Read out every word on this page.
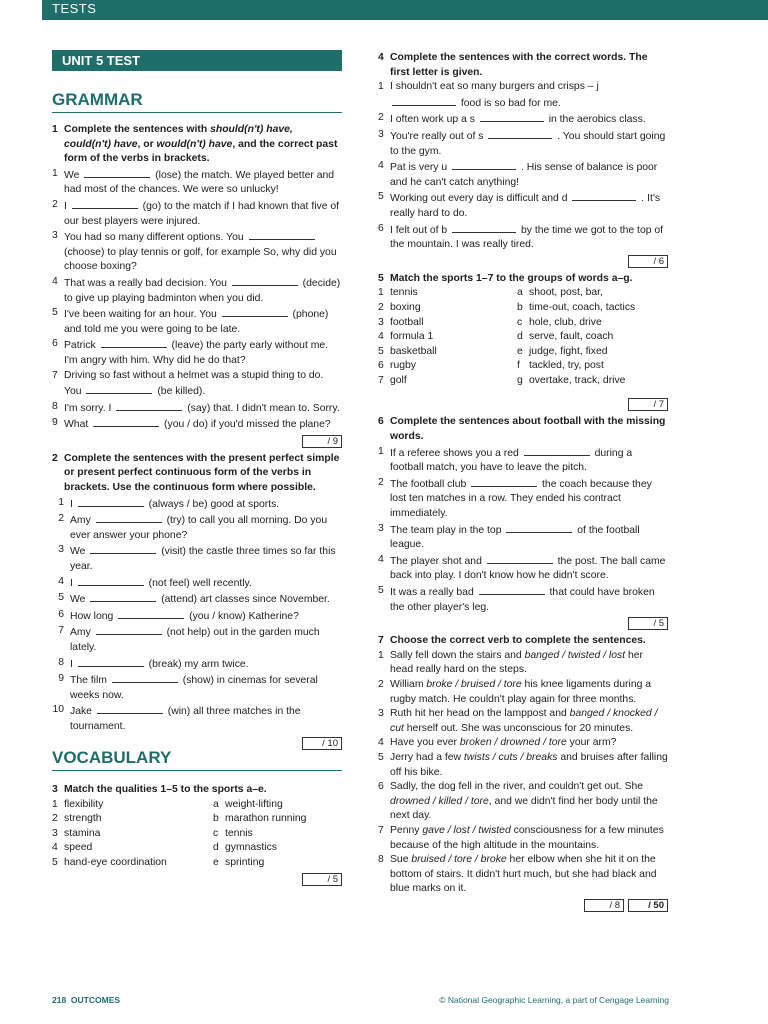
TESTS
UNIT 5 TEST
GRAMMAR
1 Complete the sentences with should(n't) have, could(n't) have, or would(n't) have, and the correct past form of the verbs in brackets.
1 We	(lose) the match. We played better and had most of the chances. We were so unlucky!
2 I	(go) to the match if I had known that five of our best players were injured.
3 You had so many different options. You  (choose) to play tennis or golf, for example So, why did you choose boxing?
4 That was a really bad decision. You	(decide) to give up playing badminton when you did.
5 I've been waiting for an hour. You	(phone) and told me you were going to be late.
6 Patrick	(leave) the party early without me. I'm angry with him. Why did he do that?
7 Driving so fast without a helmet was a stupid thing to do. You	(be killed).
8 I'm sorry. I	(say) that. I didn't mean to. Sorry.
9 What	(you / do) if you'd missed the plane?
/ 9
2 Complete the sentences with the present perfect simple or present perfect continuous form of the verbs in brackets. Use the continuous form where possible.
1 I	(always / be) good at sports.
2 Amy	(try) to call you all morning. Do you ever answer your phone?
3 We	(visit) the castle three times so far this year.
4 I	(not feel) well recently.
5 We	(attend) art classes since November.
6 How long	(you / know) Katherine?
7 Amy	(not help) out in the garden much lately.
8 I	(break) my arm twice.
9 The film	(show) in cinemas for several weeks now.
10 Jake	(win) all three matches in the tournament.
/ 10
VOCABULARY
3 Match the qualities 1–5 to the sports a–e.
1 flexibility	a weight-lifting
2 strength	b marathon running
3 stamina	c tennis
4 speed	d gymnastics
5 hand-eye coordination	e sprinting
/ 5
4 Complete the sentences with the correct words. The first letter is given.
1 I shouldn't eat so many burgers and crisps – j  food is so bad for me.
2 I often work up a s	in the aerobics class.
3 You're really out of s	. You should start going to the gym.
4 Pat is very u	. His sense of balance is poor and he can't catch anything!
5 Working out every day is difficult and d	. It's really hard to do.
6 I felt out of b	by the time we got to the top of the mountain. I was really tired.
/ 6
5 Match the sports 1–7 to the groups of words a–g.
1 tennis	a shoot, post, bar,
2 boxing	b time-out, coach, tactics
3 football	c hole, club, drive
4 formula 1	d serve, fault, coach
5 basketball	e judge, fight, fixed
6 rugby	f tackled, try, post
7 golf	g overtake, track, drive
/ 7
6 Complete the sentences about football with the missing words.
1 If a referee shows you a red	during a football match, you have to leave the pitch.
2 The football club	the coach because they lost ten matches in a row. They ended his contract immediately.
3 The team play in the top	of the football league.
4 The player shot and	the post. The ball came back into play. I don't know how he didn't score.
5 It was a really bad	that could have broken the other player's leg.
/ 5
7 Choose the correct verb to complete the sentences.
1 Sally fell down the stairs and banged / twisted / lost her head really hard on the steps.
2 William broke / bruised / tore his knee ligaments during a rugby match. He couldn't play again for three months.
3 Ruth hit her head on the lamppost and banged / knocked / cut herself out. She was unconscious for 20 minutes.
4 Have you ever broken / drowned / tore your arm?
5 Jerry had a few twists / cuts / breaks and bruises after falling off his bike.
6 Sadly, the dog fell in the river, and couldn't get out. She drowned / killed / tore, and we didn't find her body until the next day.
7 Penny gave / lost / twisted consciousness for a few minutes because of the high altitude in the mountains.
8 Sue bruised / tore / broke her elbow when she hit it on the bottom of stairs. It didn't hurt much, but she had black and blue marks on it.
/ 8	/ 50
218 OUTCOMES	© National Geographic Learning, a part of Cengage Learning
